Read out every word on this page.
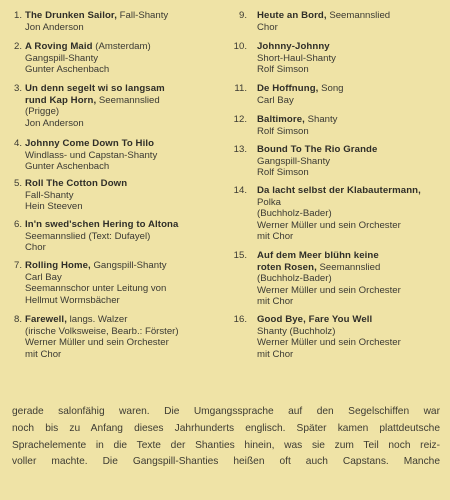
1. The Drunken Sailor, Fall-Shanty
Jon Anderson
2. A Roving Maid (Amsterdam)
Gangspill-Shanty
Gunter Aschenbach
3. Un denn segelt wi so langsam
rund Kap Horn, Seemannslied
(Prigge)
Jon Anderson
4. Johnny Come Down To Hilo
Windlass- und Capstan-Shanty
Gunter Aschenbach
5. Roll The Cotton Down
Fall-Shanty
Hein Steeven
6. In'n swed'schen Hering to Altona
Seemannslied (Text: Dufayel)
Chor
7. Rolling Home, Gangspill-Shanty
Carl Bay
Seemannschor unter Leitung von
Hellmut Wormsbächer
8. Farewell, langs. Walzer
(irische Volksweise, Bearb.: Förster)
Werner Müller und sein Orchester
mit Chor
9. Heute an Bord, Seemannslied
Chor
10. Johnny-Johnny
Short-Haul-Shanty
Rolf Simson
11. De Hoffnung, Song
Carl Bay
12. Baltimore, Shanty
Rolf Simson
13. Bound To The Rio Grande
Gangspill-Shanty
Rolf Simson
14. Da lacht selbst der Klabautermann,
Polka
(Buchholz-Bader)
Werner Müller und sein Orchester
mit Chor
15. Auf dem Meer blühn keine
roten Rosen, Seemannslied
(Buchholz-Bader)
Werner Müller und sein Orchester
mit Chor
16. Good Bye, Fare You Well
Shanty (Buchholz)
Werner Müller und sein Orchester
mit Chor
gerade salonfähig waren. Die Umgangssprache auf den Segelschiffen war
noch bis zu Anfang dieses Jahrhunderts englisch. Später kamen plattdeutsche
Sprachelemente in die Texte der Shanties hinein, was sie zum Teil noch reiz-
voller machte. Die Gangspill-Shanties heißen oft auch Capstans. Manche
